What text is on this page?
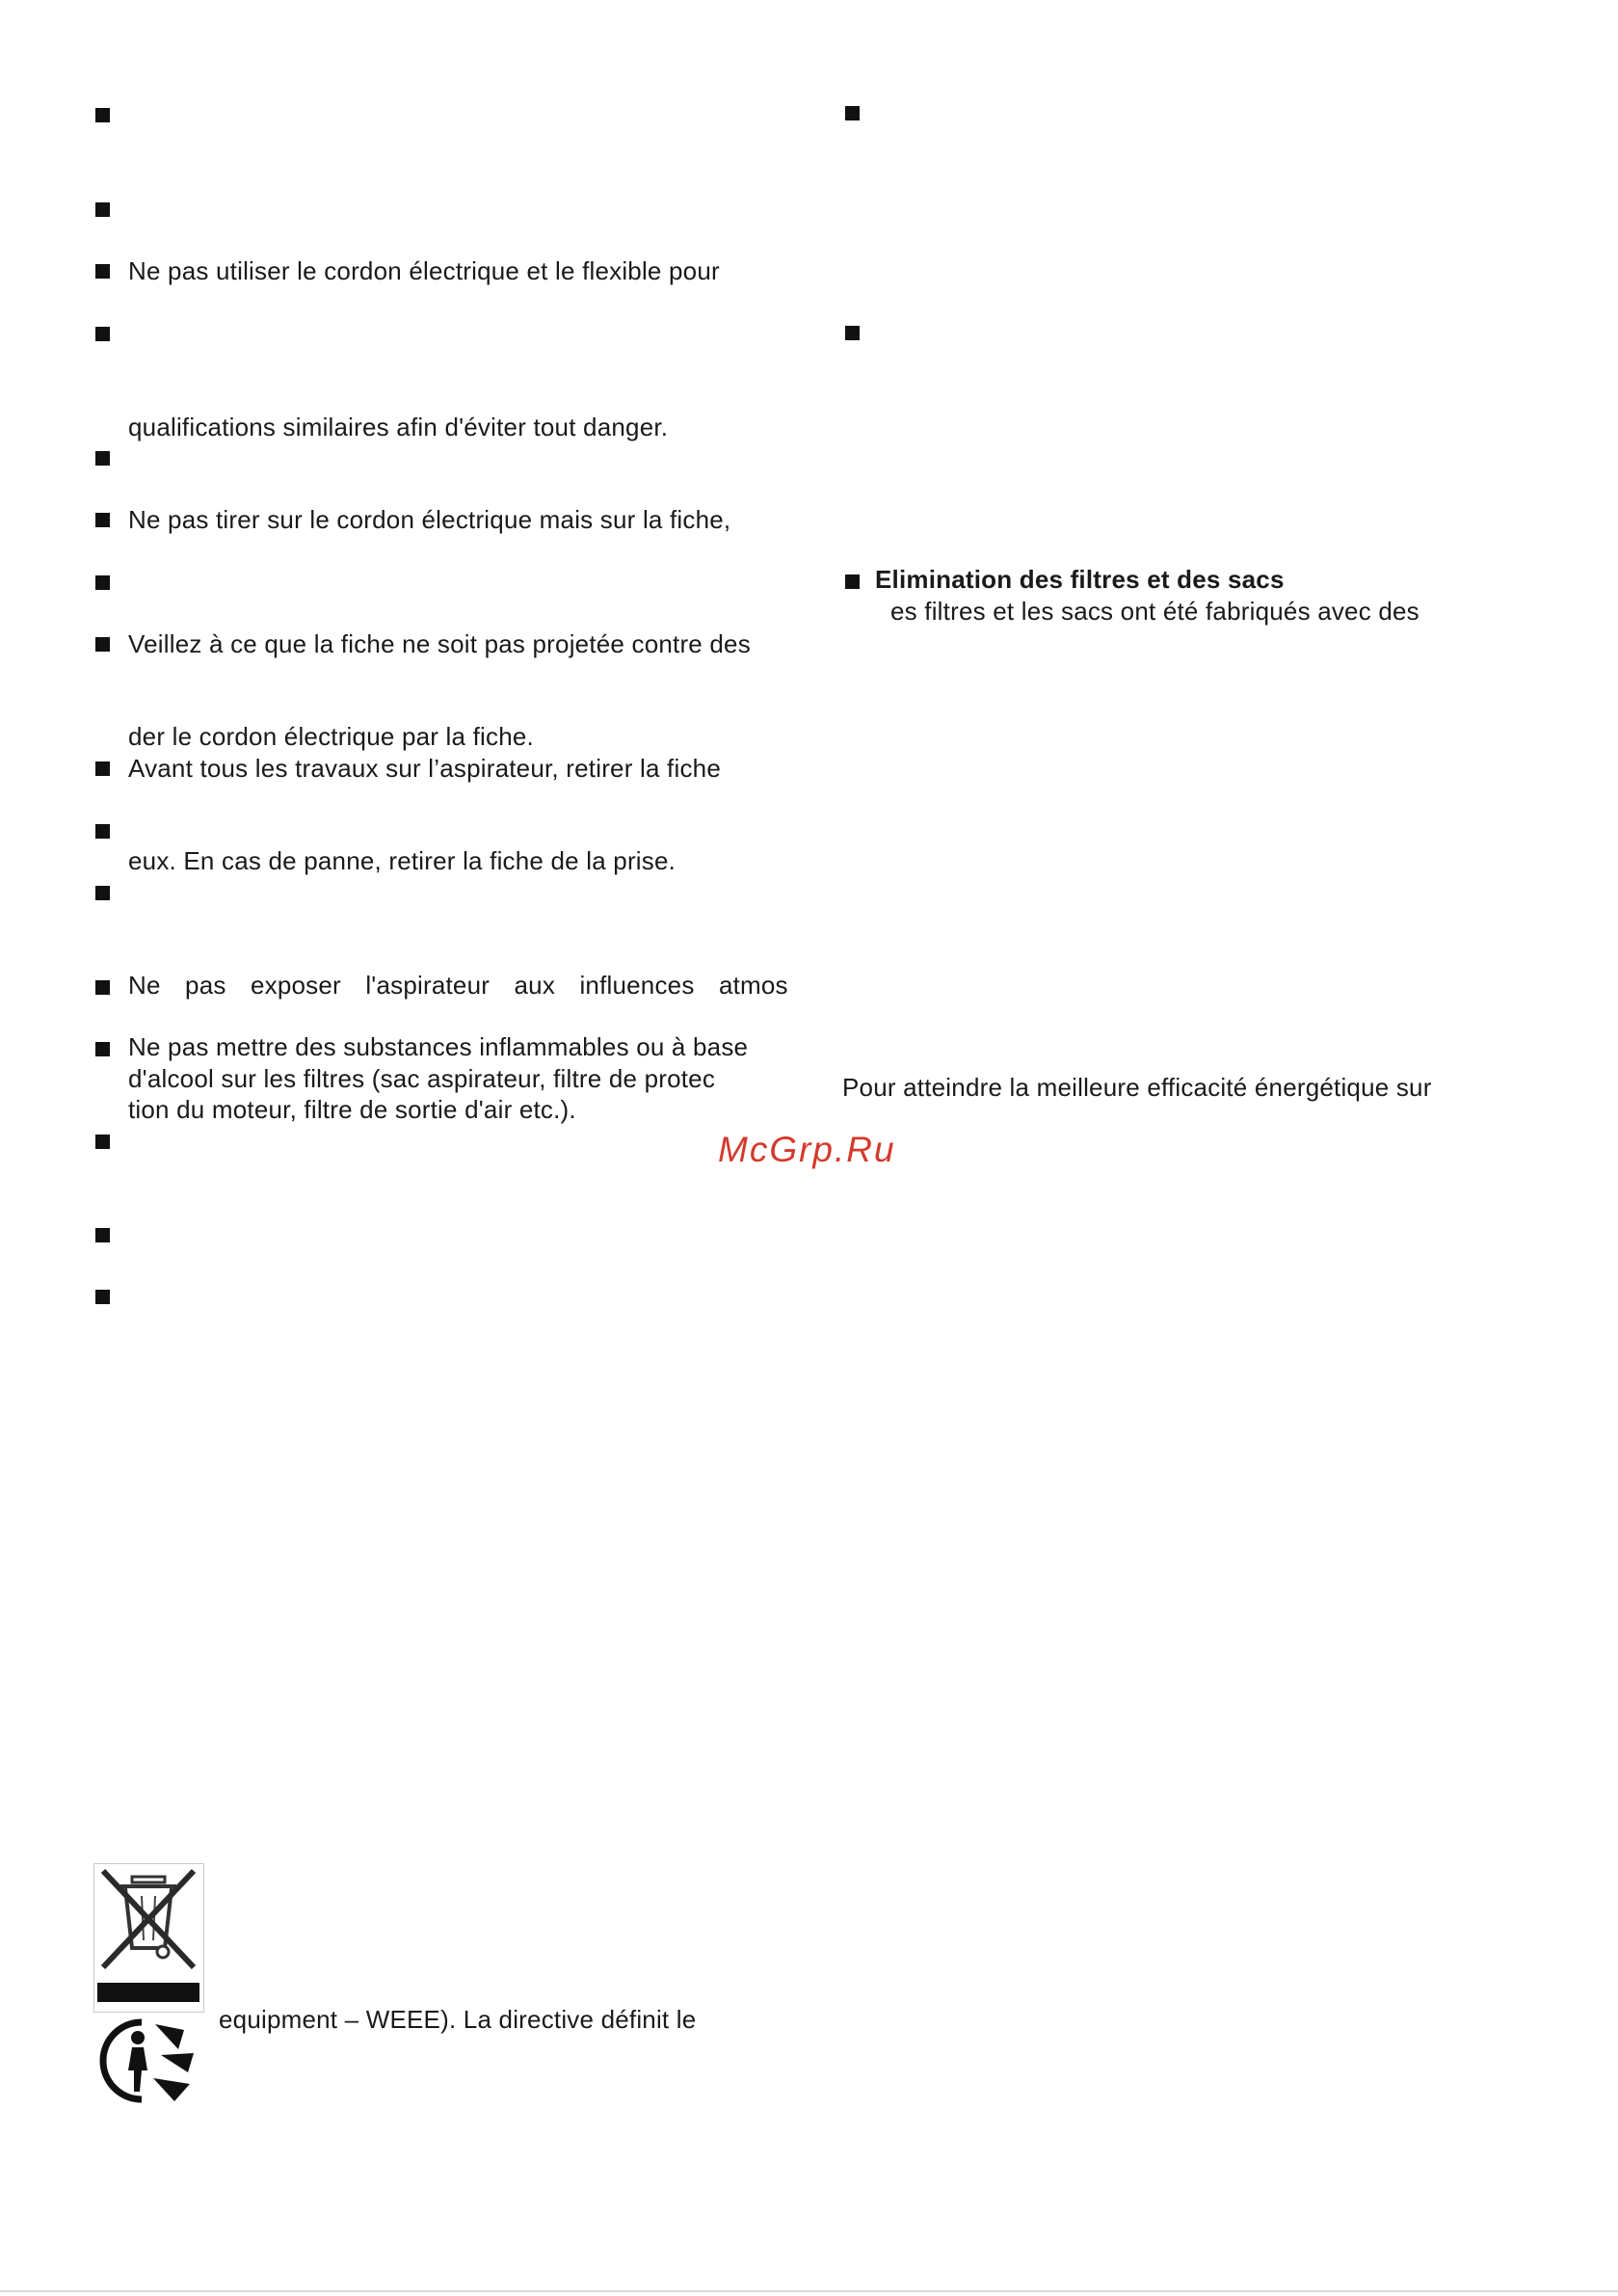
Ne pas utiliser le cordon électrique et le flexible pour
qualifications similaires afin d'éviter tout danger.
Ne pas tirer sur le cordon électrique mais sur la fiche,
Veillez à ce que la fiche ne soit pas projetée contre des
der le cordon électrique par la fiche.
Avant tous les travaux sur l’aspirateur, retirer la fiche
eux. En cas de panne, retirer la fiche de la prise.
Ne pas exposer l'aspirateur aux influences atmos
Ne pas mettre des substances inflammables ou à base
d'alcool sur les filtres (sac aspirateur, filtre de protec
tion du moteur, filtre de sortie d'air etc.).
Elimination des filtres et des sacs
es filtres et les sacs ont été fabriqués avec des
Pour atteindre la meilleure efficacité énergétique sur
McGrp.Ru
equipment – WEEE). La directive définit le
